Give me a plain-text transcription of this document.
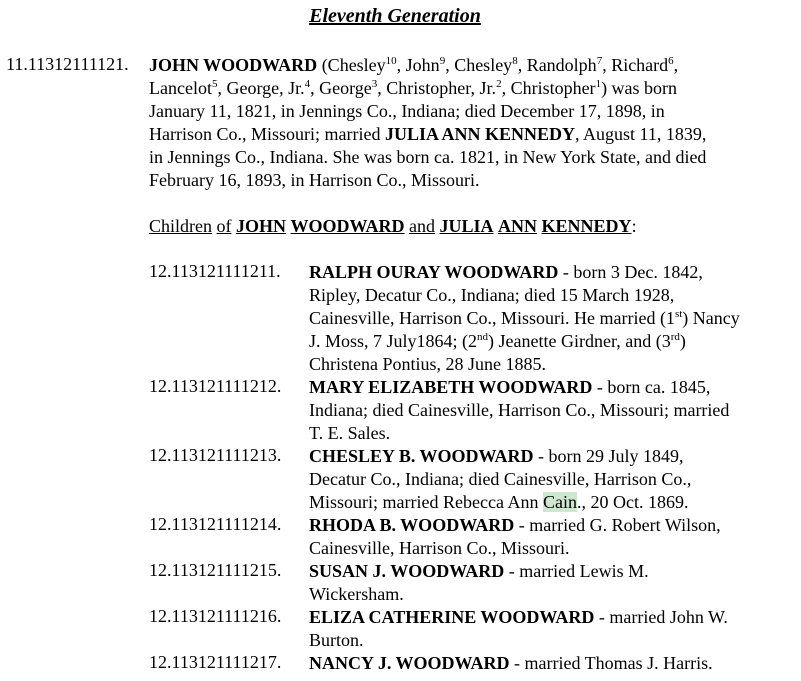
Eleventh Generation
11.11312111121. JOHN WOODWARD (Chesley$^{10}$, John$^9$, Chesley$^8$, Randolph$^7$, Richard$^6$,
Lancelot$^5$, George, Jr.$^4$, George$^3$, Christopher, Jr.$^2$, Christopher$^1$) was born
January 11, 1821, in Jennings Co., Indiana; died December 17, 1898, in
Harrison Co., Missouri; married JULIA ANN KENNEDY, August 11, 1839,
in Jennings Co., Indiana. She was born ca. 1821, in New York State, and died
February 16, 1893, in Harrison Co., Missouri.
Children of JOHN WOODWARD and JULIA ANN KENNEDY:
12.113121111211. RALPH OURAY WOODWARD - born 3 Dec. 1842,
Ripley, Decatur Co., Indiana; died 15 March 1928,
Cainesville, Harrison Co., Missouri. He married (1st) Nancy
J. Moss, 7 July1864; (2nd) Jeanette Girdner, and (3rd)
Christena Pontius, 28 June 1885.
12.113121111212. MARY ELIZABETH WOODWARD - born ca. 1845,
Indiana; died Cainesville, Harrison Co., Missouri; married
T. E. Sales.
12.113121111213. CHESLEY B. WOODWARD - born 29 July 1849,
Decatur Co., Indiana; died Cainesville, Harrison Co.,
Missouri; married Rebecca Ann Cain., 20 Oct. 1869.
12.113121111214. RHODA B. WOODWARD - married G. Robert Wilson,
Cainesville, Harrison Co., Missouri.
12.113121111215. SUSAN J. WOODWARD - married Lewis M.
Wickersham.
12.113121111216. ELIZA CATHERINE WOODWARD - married John W.
Burton.
12.113121111217. NANCY J. WOODWARD - married Thomas J. Harris.
